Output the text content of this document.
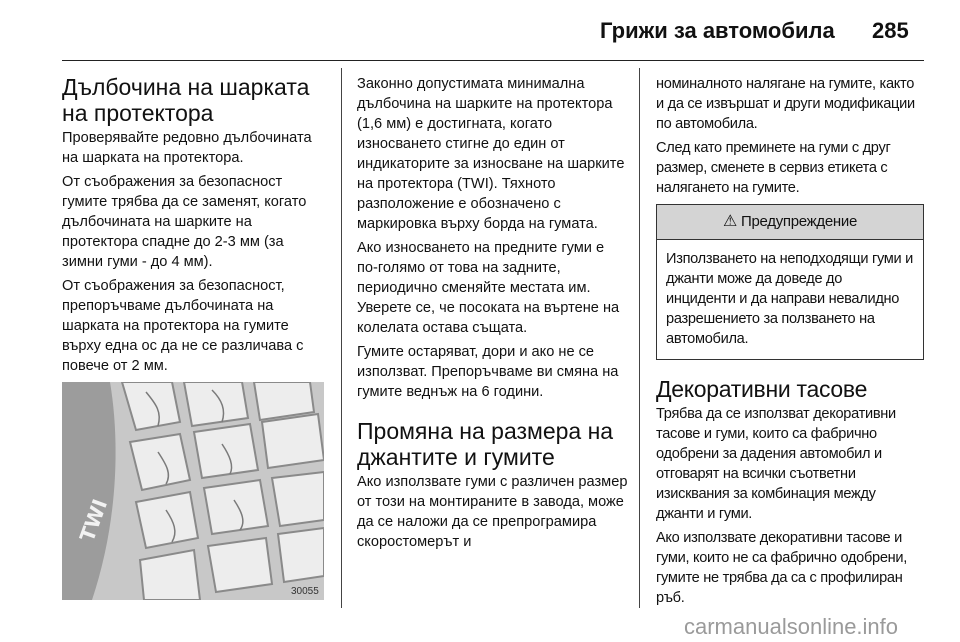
Грижи за автомобила 285
Дълбочина на шарката на протектора

Проверявайте редовно дълбочината на шарката на протектора.

От съображения за безопасност гумите трябва да се заменят, когато дълбочината на шарките на протектора спадне до 2-3 мм (за зимни гуми - до 4 мм).

От съображения за безопасност, препоръчваме дълбочината на шарката на протектора на гумите върху една ос да не се различава с повече от 2 мм.

TWI
30055

Законно допустимата минимална дълбочина на шарките на протектора (1,6 мм) е достигната, когато износването стигне до един от индикаторите за износване на шарките на протектора (TWI). Тяхното разположение е обозначено с маркировка върху борда на гумата.

Ако износването на предните гуми е по-голямо от това на задните, периодично сменяйте местата им. Уверете се, че посоката на въртене на колелата остава същата.

Гумите остаряват, дори и ако не се използват. Препоръчваме ви смяна на гумите веднъж на 6 години.

Промяна на размера на джантите и гумите

Ако използвате гуми с различен размер от този на монтираните в завода, може да се наложи да се препрограмира скоростомерът и

номиналното налягане на гумите, както и да се извършат и други модификации по автомобила.

След като преминете на гуми с друг размер, сменете в сервиз етикета с налягането на гумите.

⚠ Предупреждение
Използването на неподходящи гуми и джанти може да доведе до инциденти и да направи невалидно разрешението за ползването на автомобила.
Декоративни тасове

Трябва да се използват декоративни тасове и гуми, които са фабрично одобрени за дадения автомобил и отговарят на всички съответни изисквания за комбинация между джанти и гуми.

Ако използвате декоративни тасове и гуми, които не са фабрично одобрени, гумите не трябва да са с профилиран ръб.

carmanualsonline.info
